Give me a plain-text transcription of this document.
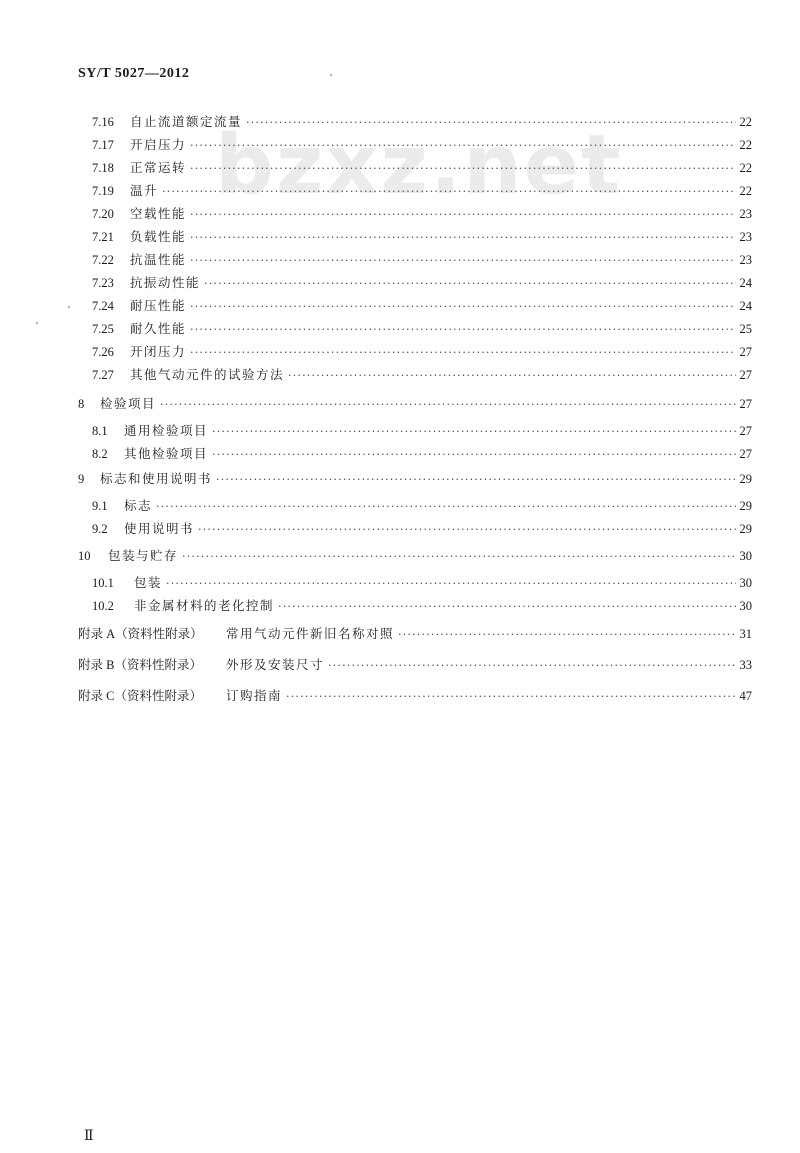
SY/T 5027—2012
bzxz.net
7.16	自止流道额定流量 ·····	22
7.17	开启压力 ·····	22
7.18	正常运转 ·····	22
7.19	温升 ·····	22
7.20	空载性能 ·····	23
7.21	负载性能 ·····	23
7.22	抗温性能 ·····	23
7.23	抗振动性能 ·····	24
7.24	耐压性能 ·····	24
7.25	耐久性能 ·····	25
7.26	开闭压力 ·····	27
7.27	其他气动元件的试验方法 ·····	27
8	检验项目 ·····	27
8.1	通用检验项目 ·····	27
8.2	其他检验项目 ·····	27
9	标志和使用说明书 ·····	29
9.1	标志 ·····	29
9.2	使用说明书 ·····	29
10	包装与贮存 ·····	30
10.1	包装 ·····	30
10.2	非金属材料的老化控制 ·····	30
附录 A（资料性附录）	常用气动元件新旧名称对照 ·····	31
附录 B（资料性附录）	外形及安装尺寸 ·····	33
附录 C（资料性附录）	订购指南 ·····	47
Ⅱ
